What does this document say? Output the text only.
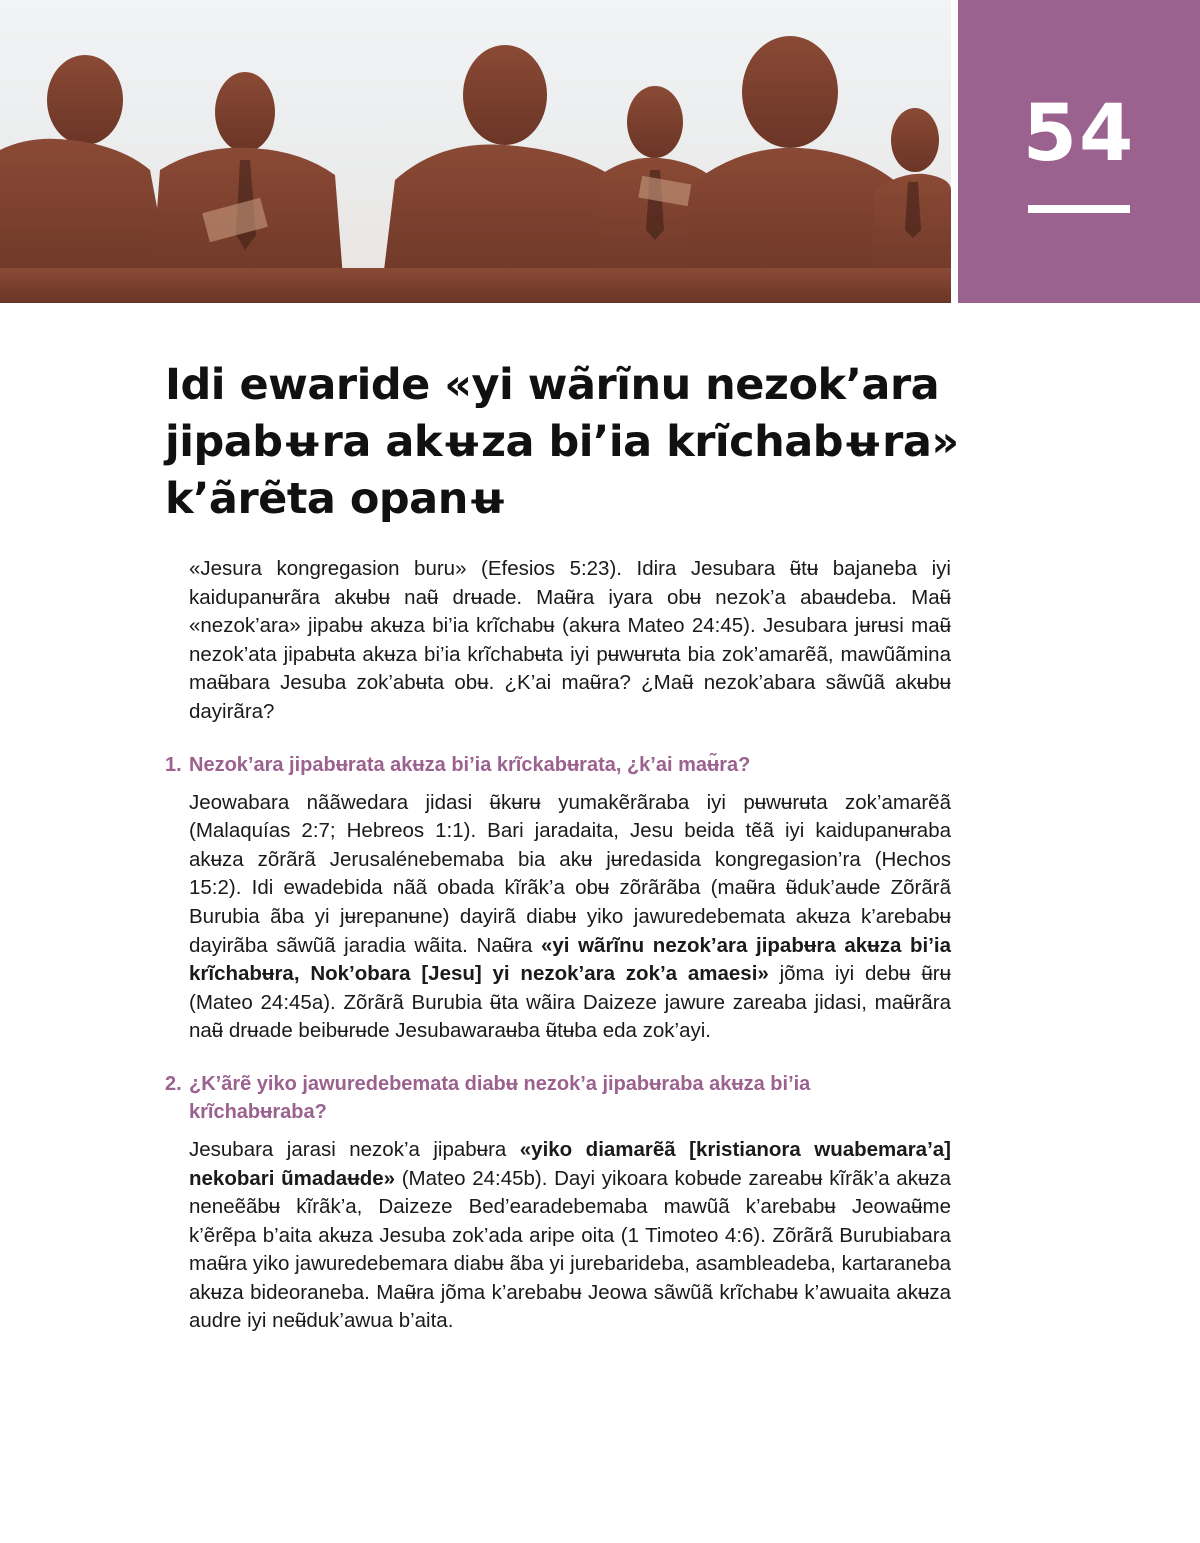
54
Idi ewaride «yi wãrĩnu nezok’ara jipabʉra akʉza bi’ia krĩchabʉra» k’ãrẽta opanʉ

«Jesura kongregasion buru» (Efesios 5:23). Idira Jesubara ʉ̃tʉ bajaneba iyi kaidupanʉrãra akʉbʉ naʉ̃ drʉade. Maʉ̃ra iyara obʉ nezok’a abaʉdeba. Maʉ̃ «nezok’ara» jipabʉ akʉza bi’ia krĩchabʉ (akʉra Mateo 24:45). Jesubara jʉrʉsi maʉ̃ nezok’ata jipabʉta akʉza bi’ia krĩchabʉta iyi pʉwʉrʉta bia zok’amarẽã, mawũãmina maʉ̃bara Jesuba zok’abʉta obʉ. ¿K’ai maʉ̃ra? ¿Maʉ̃ nezok’abara sãwũã akʉbʉ dayirãra?

1. Nezok’ara jipabʉrata akʉza bi’ia krĩckabʉrata, ¿k’ai maʉ̃ra?

Jeowabara nããwedara jidasi ʉ̃kʉrʉ yumakẽrãraba iyi pʉwʉrʉta zok’amarẽã (Malaquías 2:7; Hebreos 1:1). Bari jaradaita, Jesu beida tẽã iyi kaidupanʉraba akʉza zõrãrã Jerusalénebemaba bia akʉ jʉredasida kongregasion’ra (Hechos 15:2). Idi ewadebida nãã obada kĩrãk’a obʉ zõrãrãba (maʉ̃ra ʉ̃duk’aʉde Zõrãrã Burubia ãba yi jʉrepanʉne) dayirã diabʉ yiko jawuredebemata akʉza k’arebabʉ dayirãba sãwũã jaradia wãita. Naʉ̃ra «yi wãrĩnu nezok’ara jipabʉra akʉza bi’ia krĩchabʉra, Nok’obara [Jesu] yi nezok’ara zok’a amaesi» jõma iyi debʉ ʉ̃rʉ (Mateo 24:45a). Zõrãrã Burubia ʉ̃ta wãira Daizeze jawure zareaba jidasi, maʉ̃rãra naʉ̃ drʉade beibʉrʉde Jesubawaraʉba ʉ̃tʉba eda zok’ayi.

2. ¿K’ãrẽ yiko jawuredebemata diabʉ nezok’a jipabʉraba akʉza bi’ia krĩchabʉraba?

Jesubara jarasi nezok’a jipabʉra «yiko diamarẽã [kristianora wuabemara’a] nekobari ũmadaʉde» (Mateo 24:45b). Dayi yikoara kobʉde zareabʉ kĩrãk’a akʉza neneẽãbʉ kĩrãk’a, Daizeze Bed’earadebemaba mawũã k’arebabʉ Jeowaʉ̃me k’ẽrẽpa b’aita akʉza Jesuba zok’ada aripe oita (1 Timoteo 4:6). Zõrãrã Burubiabara maʉ̃ra yiko jawuredebemara diabʉ ãba yi jurebarideba, asambleadeba, kartaraneba akʉza bideoraneba. Maʉ̃ra jõma k’arebabʉ Jeowa sãwũã krĩchabʉ k’awuaita akʉza audre iyi neʉ̃duk’awua b’aita.
